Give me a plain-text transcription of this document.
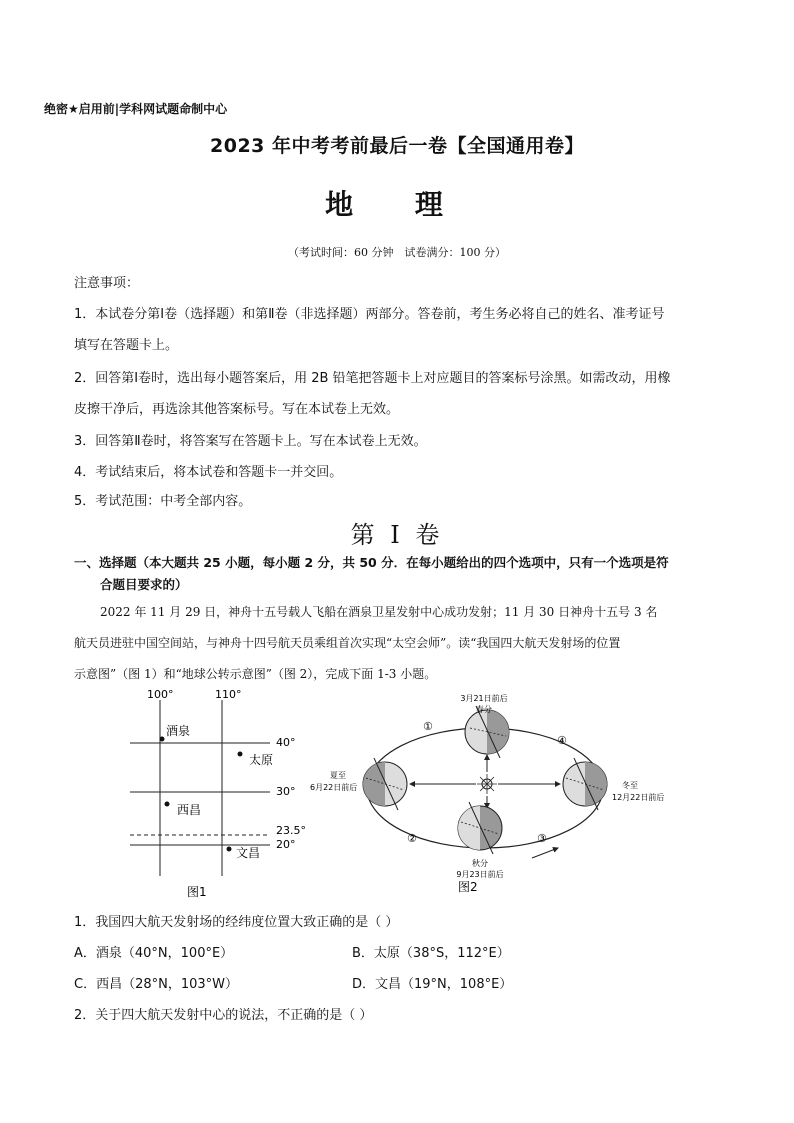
绝密★启用前|学科网试题命制中心
2023 年中考考前最后一卷【全国通用卷】
地 理
（考试时间：60 分钟　试卷满分：100 分）
注意事项：
1．本试卷分第Ⅰ卷（选择题）和第Ⅱ卷（非选择题）两部分。答卷前，考生务必将自己的姓名、准考证号
填写在答题卡上。
2．回答第Ⅰ卷时，选出每小题答案后，用 2B 铅笔把答题卡上对应题目的答案标号涂黑。如需改动，用橡
皮擦干净后，再选涂其他答案标号。写在本试卷上无效。
3．回答第Ⅱ卷时，将答案写在答题卡上。写在本试卷上无效。
4．考试结束后，将本试卷和答题卡一并交回。
5．考试范围：中考全部内容。
第 I 卷
一、选择题（本大题共 25 小题，每小题 2 分，共 50 分．在每小题给出的四个选项中，只有一个选项是符
合题目要求的）
2022 年 11 月 29 日，神舟十五号载人飞船在酒泉卫星发射中心成功发射；11 月 30 日神舟十五号 3 名
航天员进驻中国空间站，与神舟十四号航天员乘组首次实现“太空会师”。读“我国四大航天发射场的位置
示意图”（图 1）和“地球公转示意图”（图 2），完成下面 1-3 小题。
100°	110°
40°
30°
23.5°
20°
酒泉
太原
西昌
文昌
图1
3月21日前后
春分
夏至
6月22日前后	冬至
12月22日前后
秋分
9月23日前后
①
②	③
④
图2
1．我国四大航天发射场的经纬度位置大致正确的是（ ）
A．酒泉（40°N，100°E）	B．太原（38°S，112°E）
C．西昌（28°N，103°W）	D．文昌（19°N，108°E）
2．关于四大航天发射中心的说法，不正确的是（ ）
